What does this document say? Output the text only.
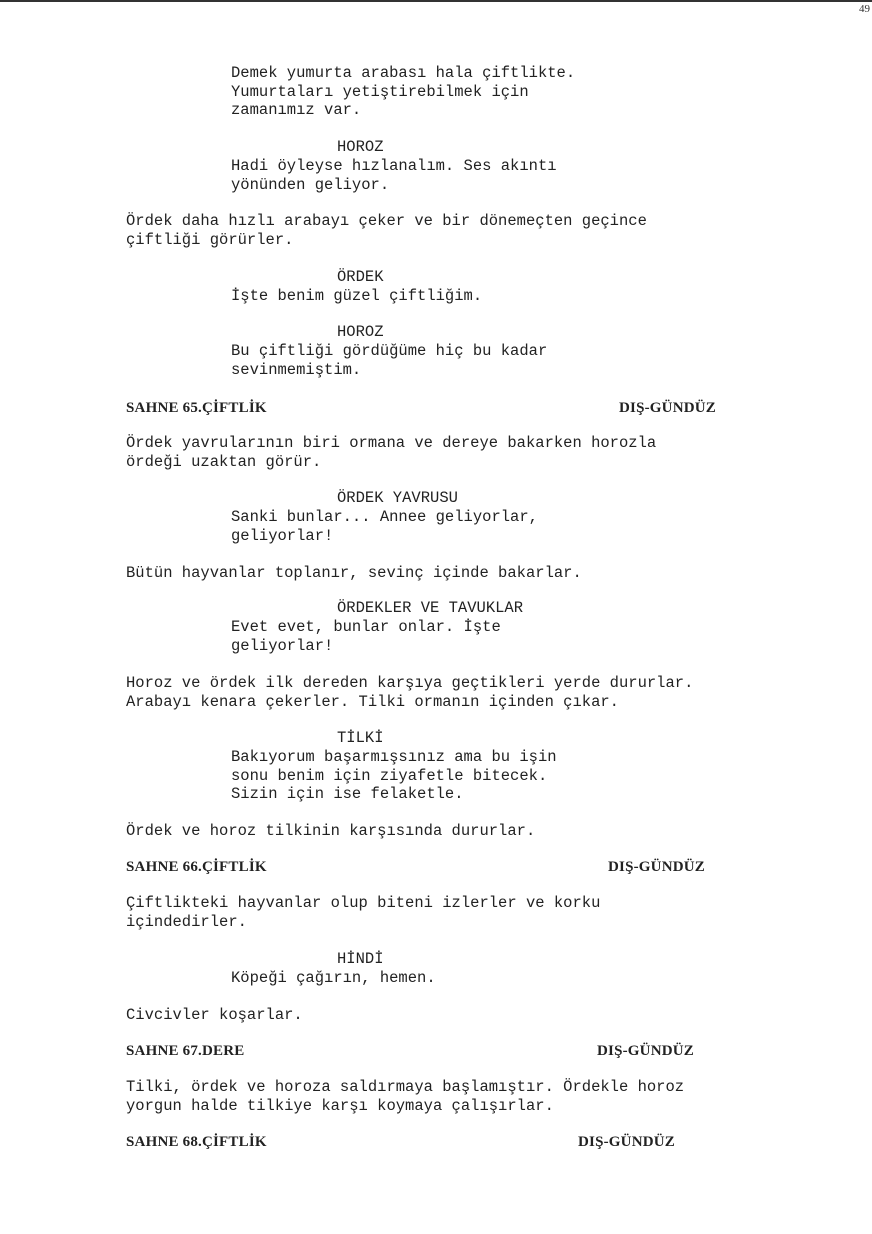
49
Demek yumurta arabası hala çiftlikte.
Yumurtaları yetiştirebilmek için
zamanımız var.
HOROZ
Hadi öyleyse hızlanalım. Ses akıntı
yönünden geliyor.
Ördek daha hızlı arabayı çeker ve bir dönemeçten geçince
çiftliği görürler.
ÖRDEK
İşte benim güzel çiftliğim.
HOROZ
Bu çiftliği gördüğüme hiç bu kadar
sevinmemiştim.
SAHNE 65.ÇİFTLİK	DIŞ-GÜNDÜZ
Ördek yavrularının biri ormana ve dereye bakarken horozla
ördeği uzaktan görür.
ÖRDEK YAVRUSU
Sanki bunlar... Annee geliyorlar,
geliyorlar!
Bütün hayvanlar toplanır, sevinç içinde bakarlar.
ÖRDEKLER VE TAVUKLAR
Evet evet, bunlar onlar. İşte
geliyorlar!
Horoz ve ördek ilk dereden karşıya geçtikleri yerde dururlar.
Arabayı kenara çekerler. Tilki ormanın içinden çıkar.
TİLKİ
Bakıyorum başarmışsınız ama bu işin
sonu benim için ziyafetle bitecek.
Sizin için ise felaketle.
Ördek ve horoz tilkinin karşısında dururlar.
SAHNE 66.ÇİFTLİK	DIŞ-GÜNDÜZ
Çiftlikteki hayvanlar olup biteni izlerler ve korku
içindedirler.
HİNDİ
Köpeği çağırın, hemen.
Civcivler koşarlar.
SAHNE 67.DERE	DIŞ-GÜNDÜZ
Tilki, ördek ve horoza saldırmaya başlamıştır. Ördekle horoz
yorgun halde tilkiye karşı koymaya çalışırlar.
SAHNE 68.ÇİFTLİK	DIŞ-GÜNDÜZ
